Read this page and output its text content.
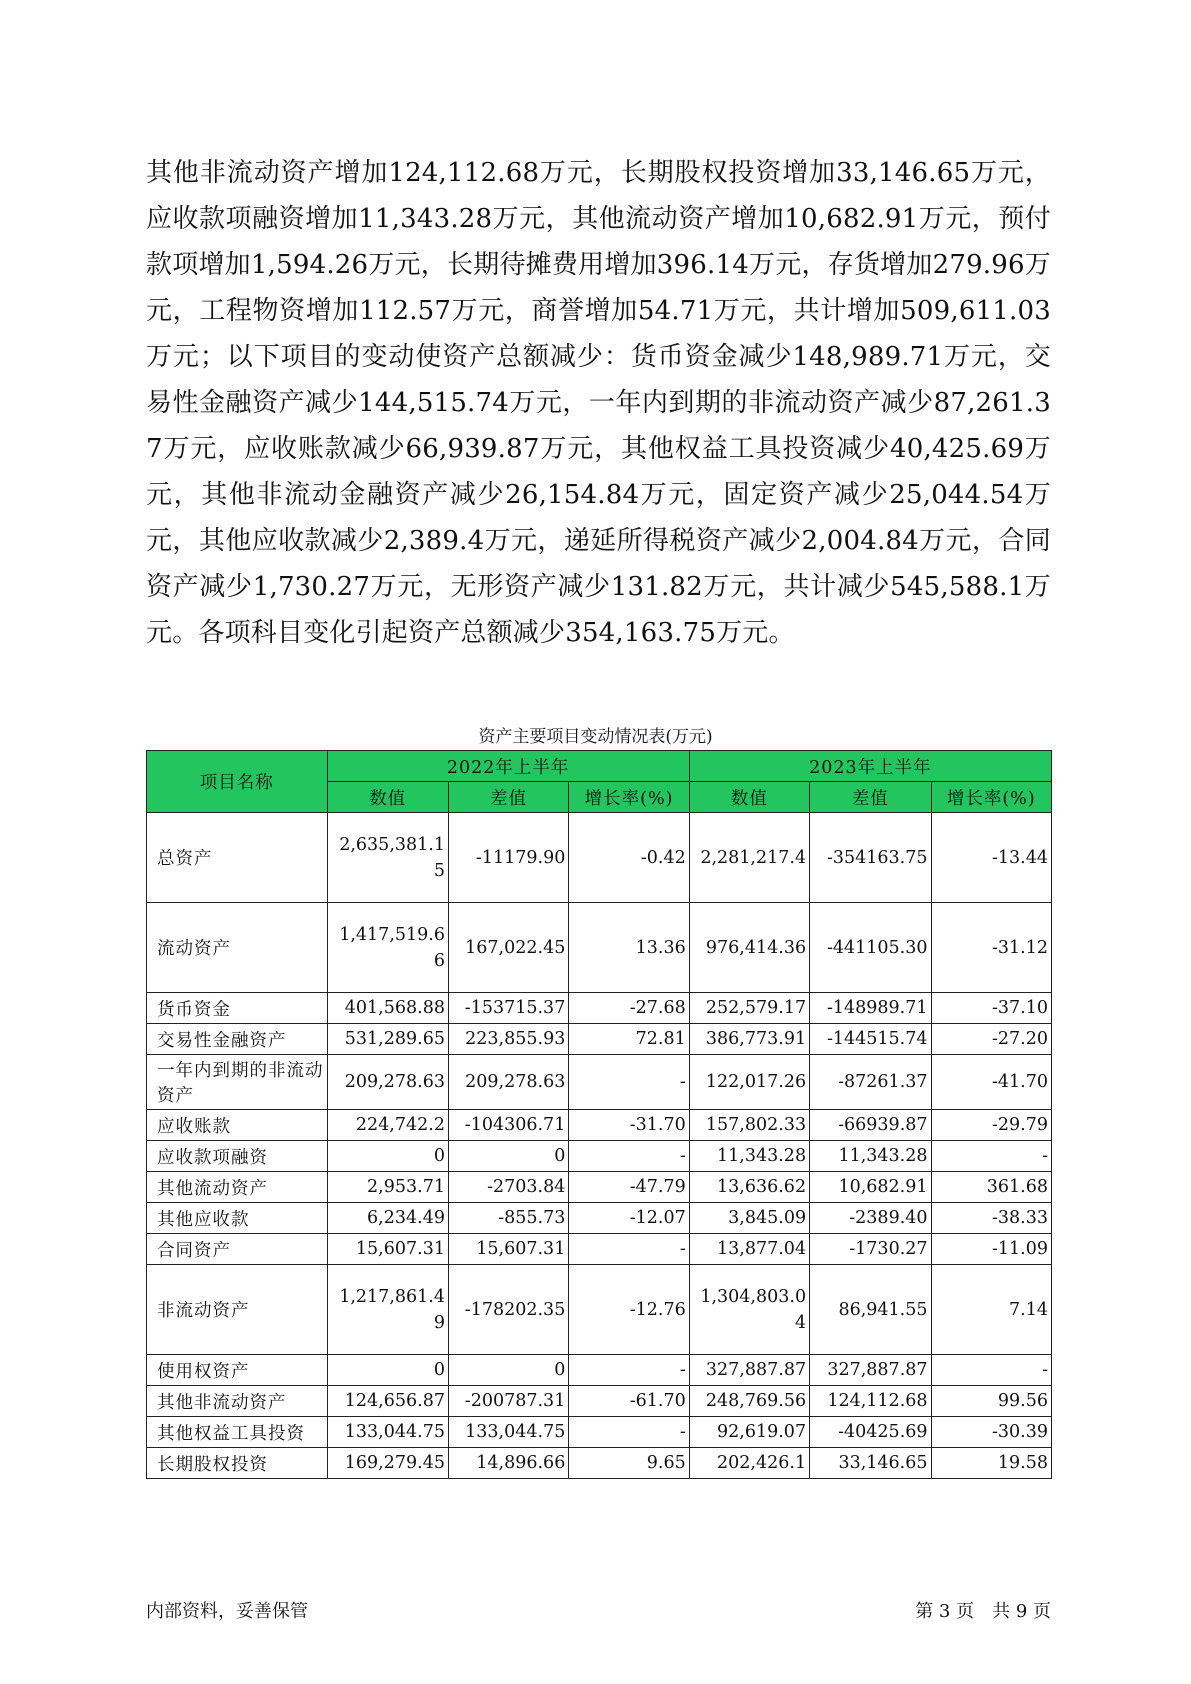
其他非流动资产增加124,112.68万元，长期股权投资增加33,146.65万元，应收款项融资增加11,343.28万元，其他流动资产增加10,682.91万元，预付款项增加1,594.26万元，长期待摊费用增加396.14万元，存货增加279.96万元，工程物资增加112.57万元，商誉增加54.71万元，共计增加509,611.03万元；以下项目的变动使资产总额减少：货币资金减少148,989.71万元，交易性金融资产减少144,515.74万元，一年内到期的非流动资产减少87,261.37万元，应收账款减少66,939.87万元，其他权益工具投资减少40,425.69万元，其他非流动金融资产减少26,154.84万元，固定资产减少25,044.54万元，其他应收款减少2,389.4万元，递延所得税资产减少2,004.84万元，合同资产减少1,730.27万元，无形资产减少131.82万元，共计减少545,588.1万元。各项科目变化引起资产总额减少354,163.75万元。
资产主要项目变动情况表(万元)
项目名称	2022年上半年			2023年上半年		
	数值	差值	增长率(%)	数值	差值	增长率(%)
总资产	2,635,381.15	-11179.90	-0.42	2,281,217.4	-354163.75	-13.44
流动资产	1,417,519.66	167,022.45	13.36	976,414.36	-441105.30	-31.12
货币资金	401,568.88	-153715.37	-27.68	252,579.17	-148989.71	-37.10
交易性金融资产	531,289.65	223,855.93	72.81	386,773.91	-144515.74	-27.20
一年内到期的非流动资产	209,278.63	209,278.63	-	122,017.26	-87261.37	-41.70
应收账款	224,742.2	-104306.71	-31.70	157,802.33	-66939.87	-29.79
应收款项融资	0	0	-	11,343.28	11,343.28	-
其他流动资产	2,953.71	-2703.84	-47.79	13,636.62	10,682.91	361.68
其他应收款	6,234.49	-855.73	-12.07	3,845.09	-2389.40	-38.33
合同资产	15,607.31	15,607.31	-	13,877.04	-1730.27	-11.09
非流动资产	1,217,861.49	-178202.35	-12.76	1,304,803.04	86,941.55	7.14
使用权资产	0	0	-	327,887.87	327,887.87	-
其他非流动资产	124,656.87	-200787.31	-61.70	248,769.56	124,112.68	99.56
其他权益工具投资	133,044.75	133,044.75	-	92,619.07	-40425.69	-30.39
长期股权投资	169,279.45	14,896.66	9.65	202,426.1	33,146.65	19.58
内部资料，妥善保管	第 3 页　共 9 页
